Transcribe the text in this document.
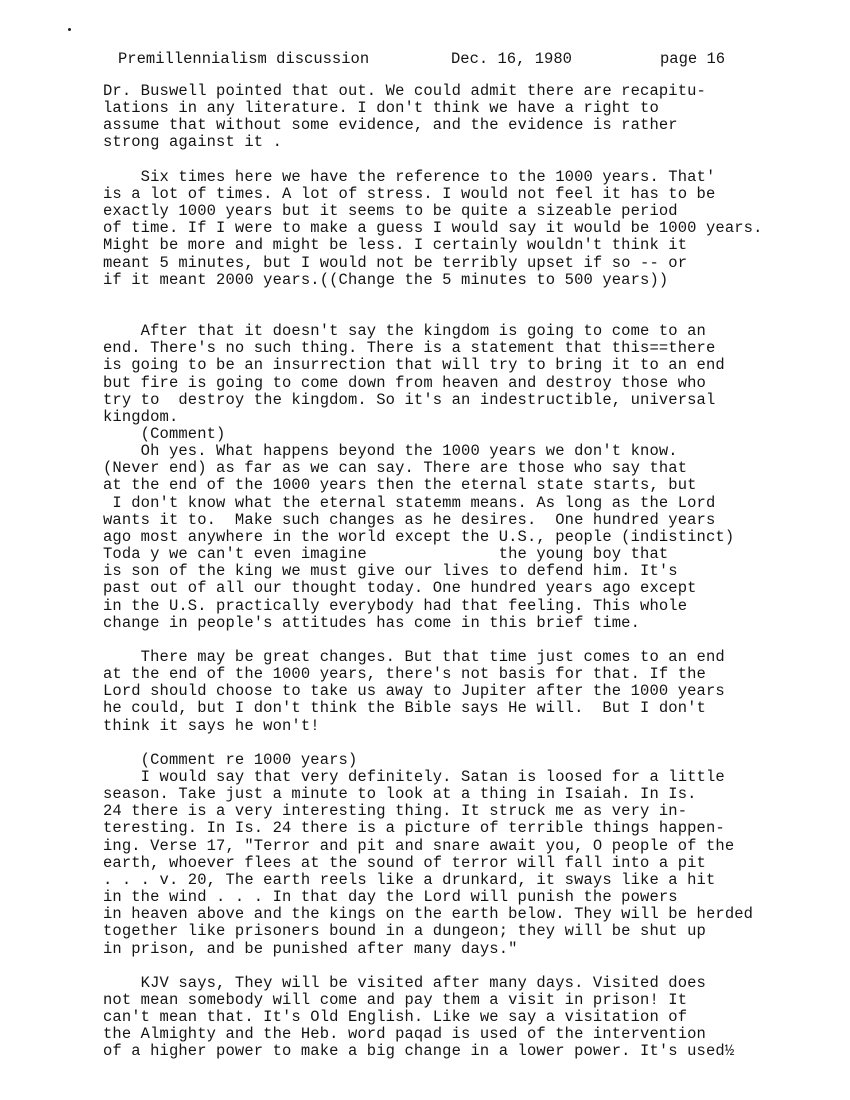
Premillennialism discussion

	Dec. 16, 1980

	page 16

Dr. Buswell pointed that out. We could admit there are recapitu-
lations in any literature. I don't think we have a right to
assume that without some evidence, and the evidence is rather
strong against it .
Six times here we have the reference to the 1000 years. That'
is a lot of times. A lot of stress. I would not feel it has to be
exactly 1000 years but it seems to be quite a sizeable period
of time. If I were to make a guess I would say it would be 1000 years.
Might be more and might be less. I certainly wouldn't think it
meant 5 minutes, but I would not be terribly upset if so -- or
if it meant 2000 years.((Change the 5 minutes to 500 years))
After that it doesn't say the kingdom is going to come to an
end. There's no such thing. There is a statement that this==there
is going to be an insurrection that will try to bring it to an end
but fire is going to come down from heaven and destroy those who
try to  destroy the kingdom. So it's an indestructible, universal
kingdom.
(Comment)
Oh yes. What happens beyond the 1000 years we don't know.
(Never end) as far as we can say. There are those who say that
at the end of the 1000 years then the eternal state starts, but
I don't know what the eternal statemm means. As long as the Lord
wants it to.  Make such changes as he desires.  One hundred years
ago most anywhere in the world except the U.S., people (indistinct)
Toda y we can't even imagine              the young boy that
is son of the king we must give our lives to defend him. It's
past out of all our thought today. One hundred years ago except
in the U.S. practically everybody had that feeling. This whole
change in people's attitudes has come in this brief time.
There may be great changes. But that time just comes to an end
at the end of the 1000 years, there's not basis for that. If the
Lord should choose to take us away to Jupiter after the 1000 years
he could, but I don't think the Bible says He will.  But I don't
think it says he won't!
(Comment re 1000 years)
I would say that very definitely. Satan is loosed for a little
season. Take just a minute to look at a thing in Isaiah. In Is.
24 there is a very interesting thing. It struck me as very in-
teresting. In Is. 24 there is a picture of terrible things happen-
ing. Verse 17, "Terror and pit and snare await you, O people of the
earth, whoever flees at the sound of terror will fall into a pit
. . . v. 20, The earth reels like a drunkard, it sways like a hit
in the wind . . . In that day the Lord will punish the powers
in heaven above and the kings on the earth below. They will be herded
together like prisoners bound in a dungeon; they will be shut up
in prison, and be punished after many days."
KJV says, They will be visited after many days. Visited does
not mean somebody will come and pay them a visit in prison! It
can't mean that. It's Old English. Like we say a visitation of
the Almighty and the Heb. word paqad is used of the intervention
of a higher power to make a big change in a lower power. It's used½
